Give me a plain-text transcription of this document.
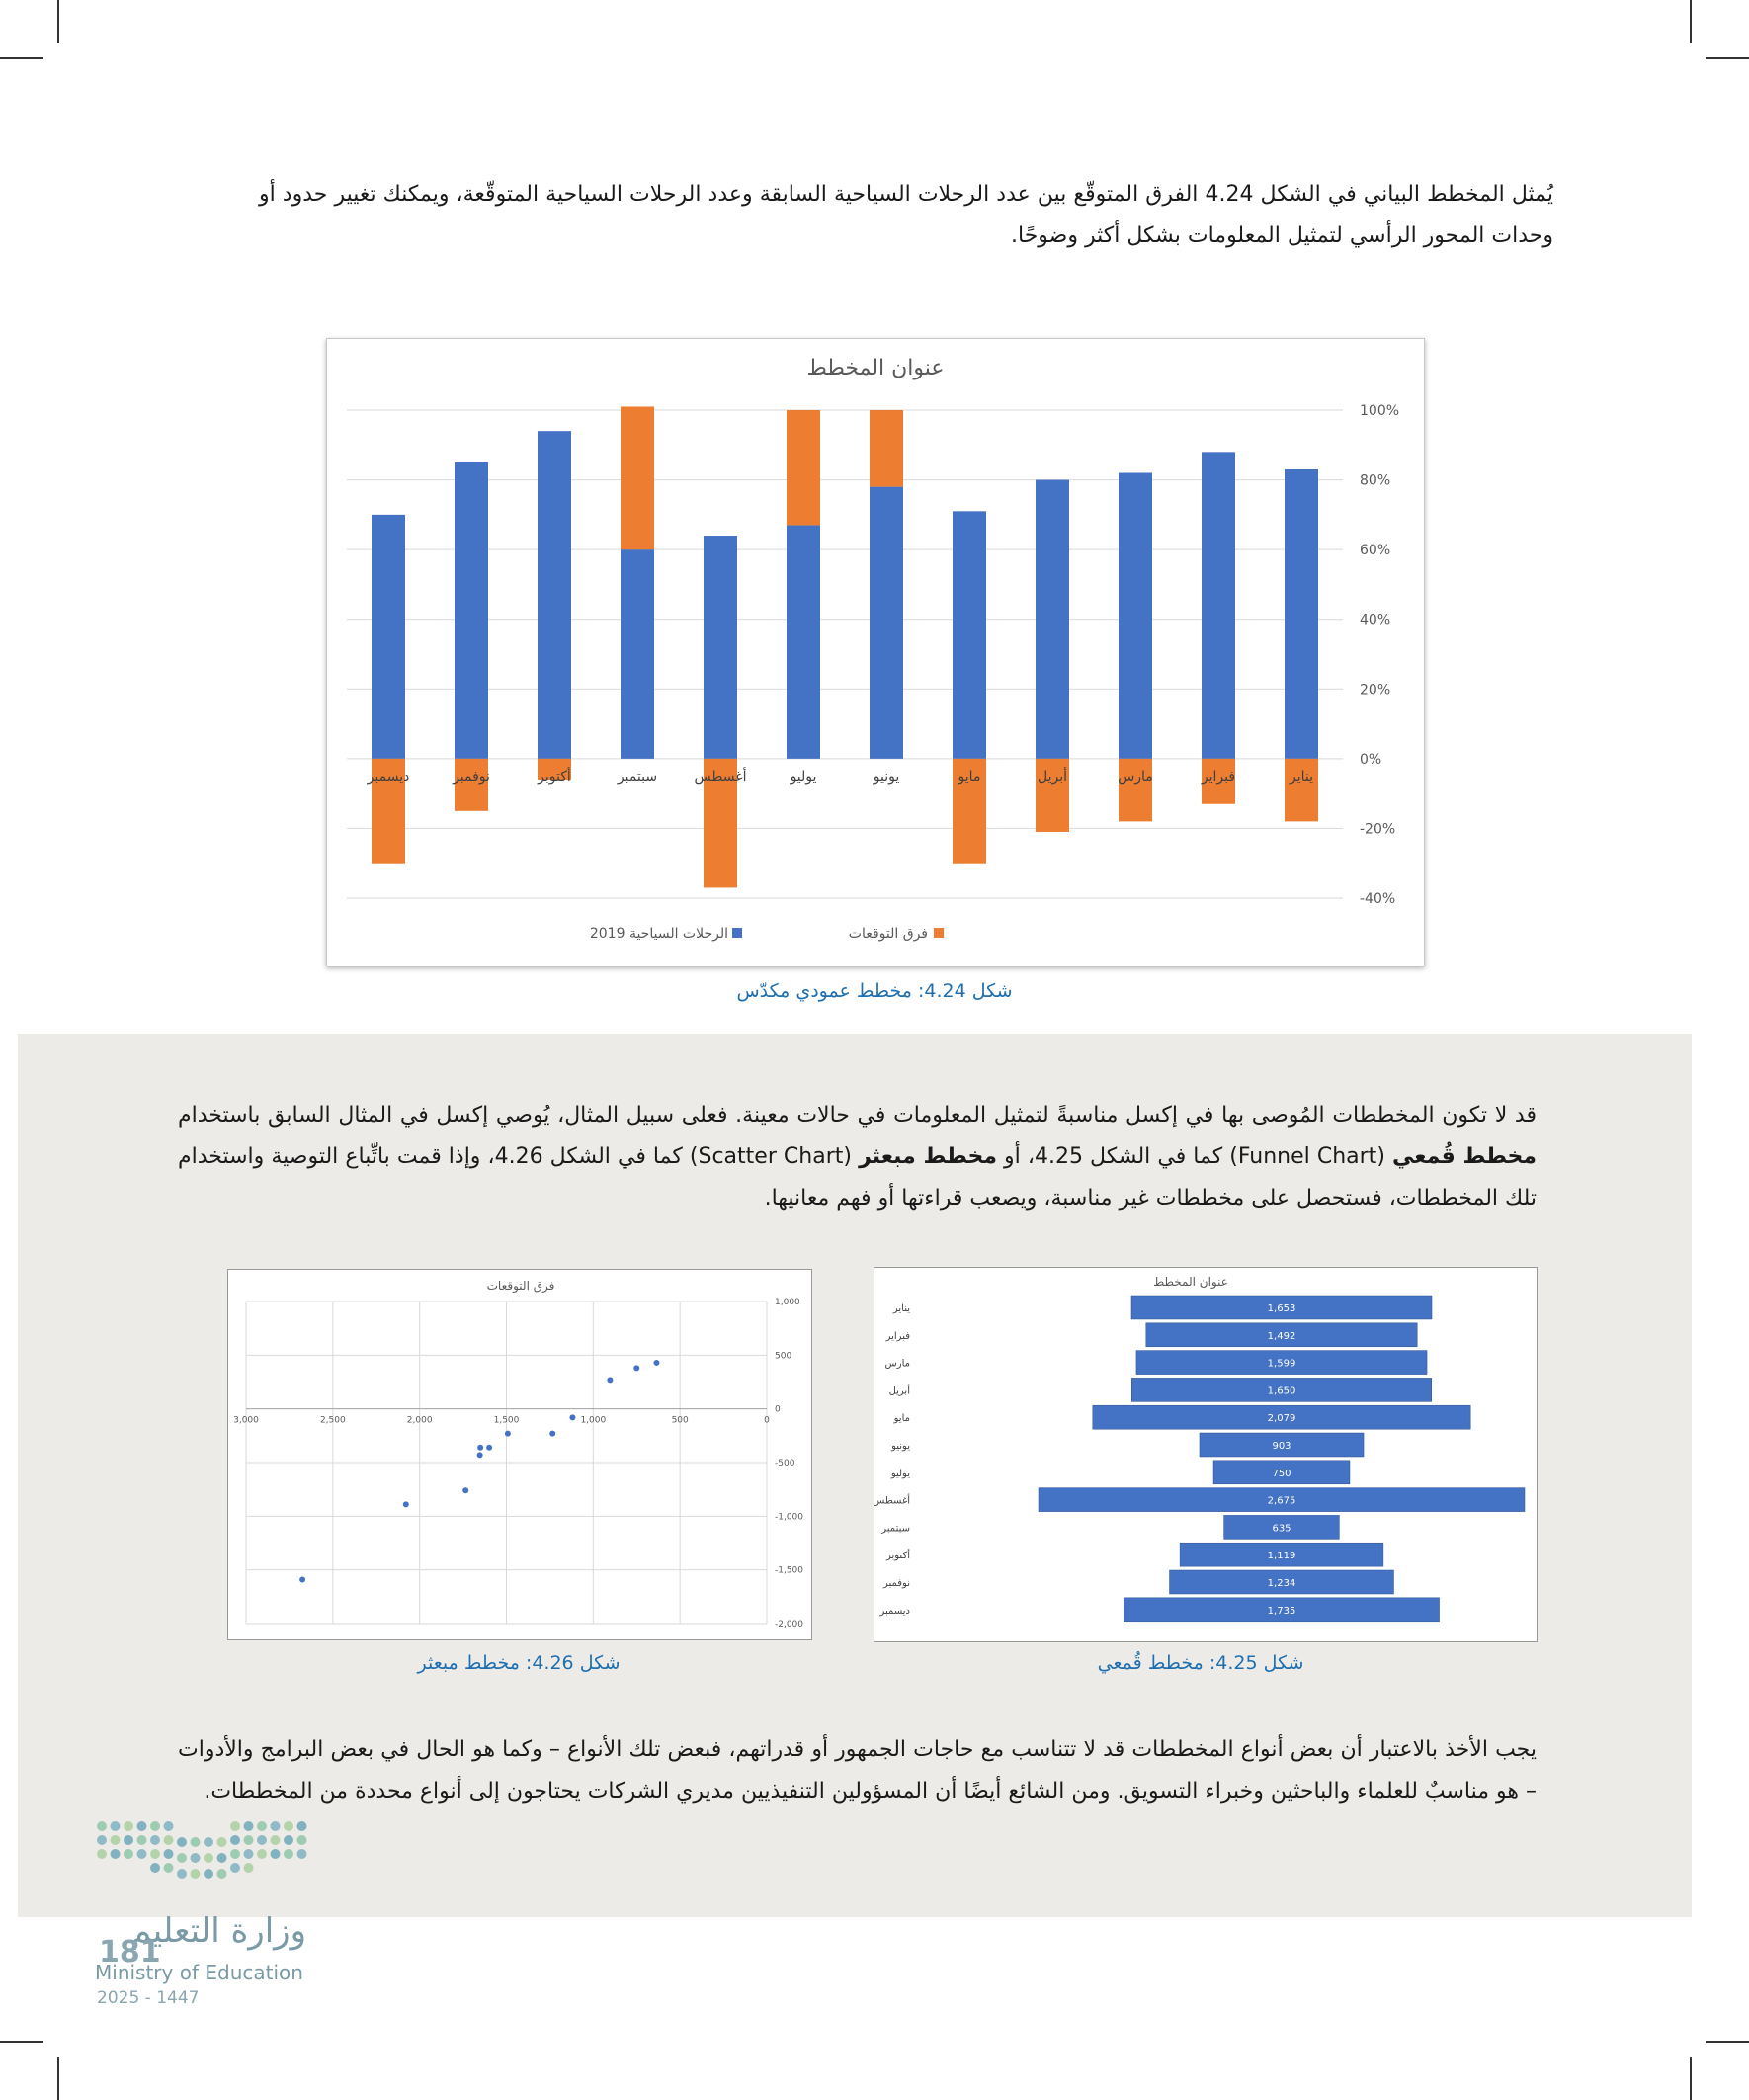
يُمثل المخطط البياني في الشكل 4.24 الفرق المتوقّع بين عدد الرحلات السياحية السابقة وعدد الرحلات السياحية المتوقّعة، ويمكنك تغيير حدود أو وحدات المحور الرأسي لتمثيل المعلومات بشكل أكثر وضوحًا.

عنوان المخطط
100%
80%
60%
40%
20%
0%
-20%
-40%
فرق التوقعات
الرحلات السياحية 2019
يناير
فبراير
مارس
أبريل
مايو
يونيو
يوليو
أغسطس
سبتمبر
أكتوبر
نوفمبر
ديسمبر
شكل 4.24: مخطط عمودي مكدّس

قد لا تكون المخططات المُوصى بها في إكسل مناسبةً لتمثيل المعلومات في حالات معينة. فعلى سبيل المثال، يُوصي إكسل في المثال السابق باستخدام مخطط قُمعي (Funnel Chart) كما في الشكل 4.25، أو مخطط مبعثر (Scatter Chart) كما في الشكل 4.26، وإذا قمت باتِّباع التوصية واستخدام تلك المخططات، فستحصل على مخططات غير مناسبة، ويصعب قراءتها أو فهم معانيها.

عنوان المخطط
1,653
يناير
1,492
فبراير
1,599
مارس
1,650
أبريل
2,079
مايو
903
يونيو
750
يوليو
2,675
أغسطس
635
سبتمبر
1,119
أكتوبر
1,234
نوفمبر
1,735
ديسمبر
شكل 4.25: مخطط قُمعي
فرق التوقعات
3,000	2,500	2,000	1,500	1,000	500	0
1,000
500
0
-500
-1,000
-1,500
-2,000
شكل 4.26: مخطط مبعثر

يجب الأخذ بالاعتبار أن بعض أنواع المخططات قد لا تتناسب مع حاجات الجمهور أو قدراتهم، فبعض تلك الأنواع – وكما هو الحال في بعض البرامج والأدوات – هو مناسبٌ للعلماء والباحثين وخبراء التسويق. ومن الشائع أيضًا أن المسؤولين التنفيذيين مديري الشركات يحتاجون إلى أنواع محددة من المخططات.

وزارة التعليم
181
Ministry of Education
2025 - 1447
